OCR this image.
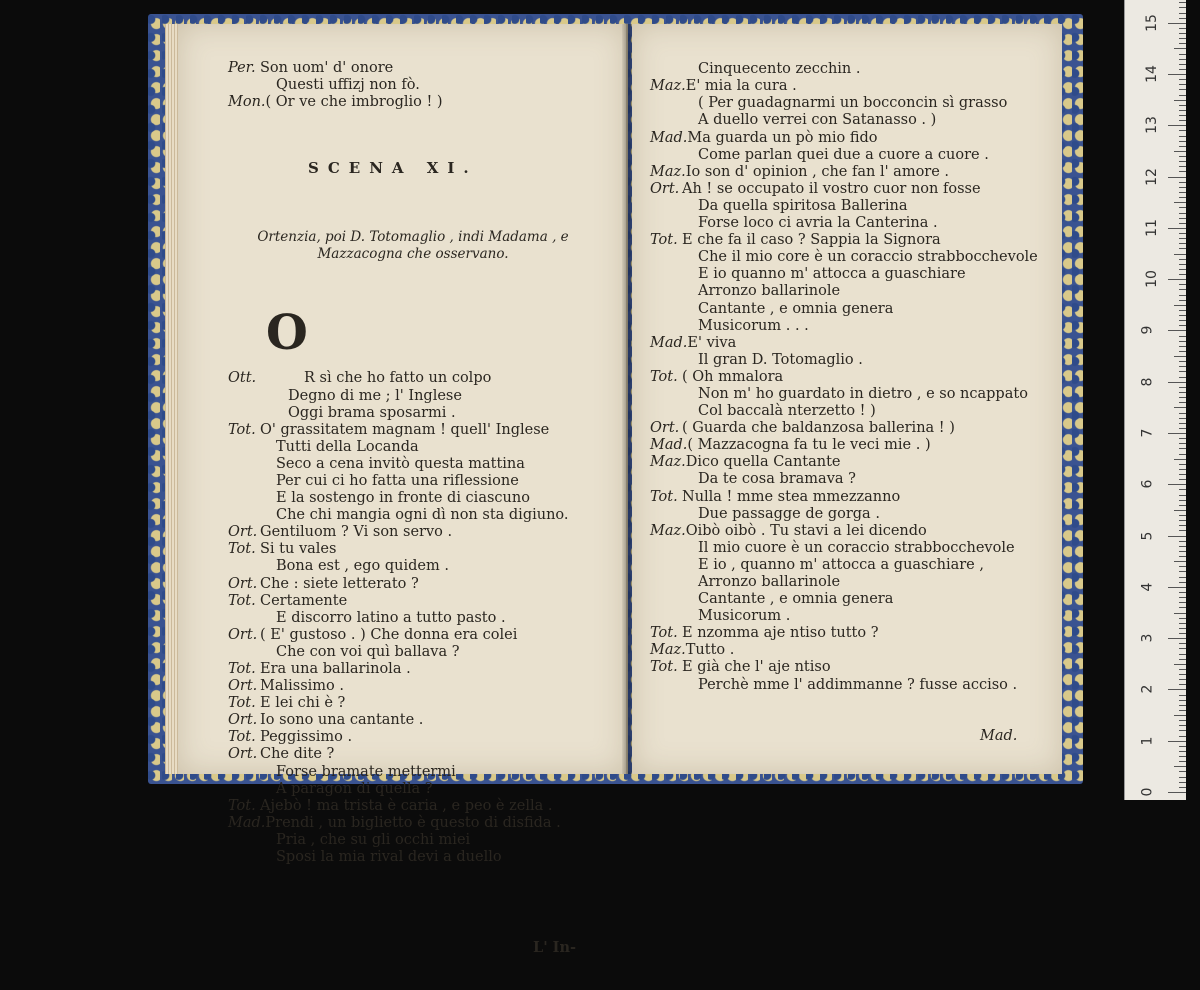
Per. Son uom' d' onore
Questi uffizj non fò.
Mon.( Or ve che imbroglio ! )

SCENA XI.

Ortenzia, poi D. Totomaglio , indi Madama , e Mazzacogna che osservano.

O

Ott.	R sì che ho fatto un colpo
Degno di me ; l' Inglese
Oggi brama sposarmi .
Tot. O' grassitatem magnam ! quell' Inglese
Tutti della Locanda
Seco a cena invitò questa mattina
Per cui ci ho fatta una riflessione
E la sostengo in fronte di ciascuno
Che chi mangia ogni dì non sta digiuno.
Ort. Gentiluom ? Vi son servo .
Tot. Si tu vales
Bona est , ego quidem .
Ort. Che : siete letterato ?
Tot. Certamente
E discorro latino a tutto pasto .
Ort. ( E' gustoso . ) Che donna era colei
Che con voi quì ballava ?
Tot. Era una ballarinola .
Ort. Malissimo .
Tot. E lei chi è ?
Ort. Io sono una cantante .
Tot. Peggissimo .
Ort. Che dite ?
Forse bramate mettermi
A paragon di quella ?
Tot. Ajebò ! ma trista è caria , e peo è zella .
Mad.Prendi , un biglietto è questo di disfida .
Pria , che su gli occhi miei
Sposi la mia rival devi a duello

L' In-

Cinquecento zecchin .
Maz.E' mia la cura .
( Per guadagnarmi un bocconcin sì grasso
A duello verrei con Satanasso . )
Mad.Ma guarda un pò mio fido
Come parlan quei due a cuore a cuore .
Maz.Io son d' opinion , che fan l' amore .
Ort. Ah ! se occupato il vostro cuor non fosse
Da quella spiritosa Ballerina
Forse loco ci avria la Canterina .
Tot. E che fa il caso ? Sappia la Signora
Che il mio core è un coraccio strabbocchevole
E io quanno m' attocca a guaschiare
Arronzo ballarinole
Cantante , e omnia genera
Musicorum . . .
Mad.E' viva
Il gran D. Totomaglio .
Tot. ( Oh mmalora
Non m' ho guardato in dietro , e so ncappato
Col baccalà nterzetto ! )
Ort. ( Guarda che baldanzosa ballerina ! )
Mad.( Mazzacogna fa tu le veci mie . )
Maz.Dico quella Cantante
Da te cosa bramava ?
Tot. Nulla ! mme stea mmezzanno
Due passagge de gorga .
Maz.Oibò oibò . Tu stavi a lei dicendo
Il mio cuore è un coraccio strabbocchevole
E io , quanno m' attocca a guaschiare ,
Arronzo ballarinole
Cantante , e omnia genera
Musicorum .
Tot. E nzomma aje ntiso tutto ?
Maz.Tutto .
Tot. E già che l' aje ntiso
Perchè mme l' addimmanne ? fusse acciso .

Mad.

15
14
13
12
11
10
9
8
7
6
5
4
3
2
1
0
